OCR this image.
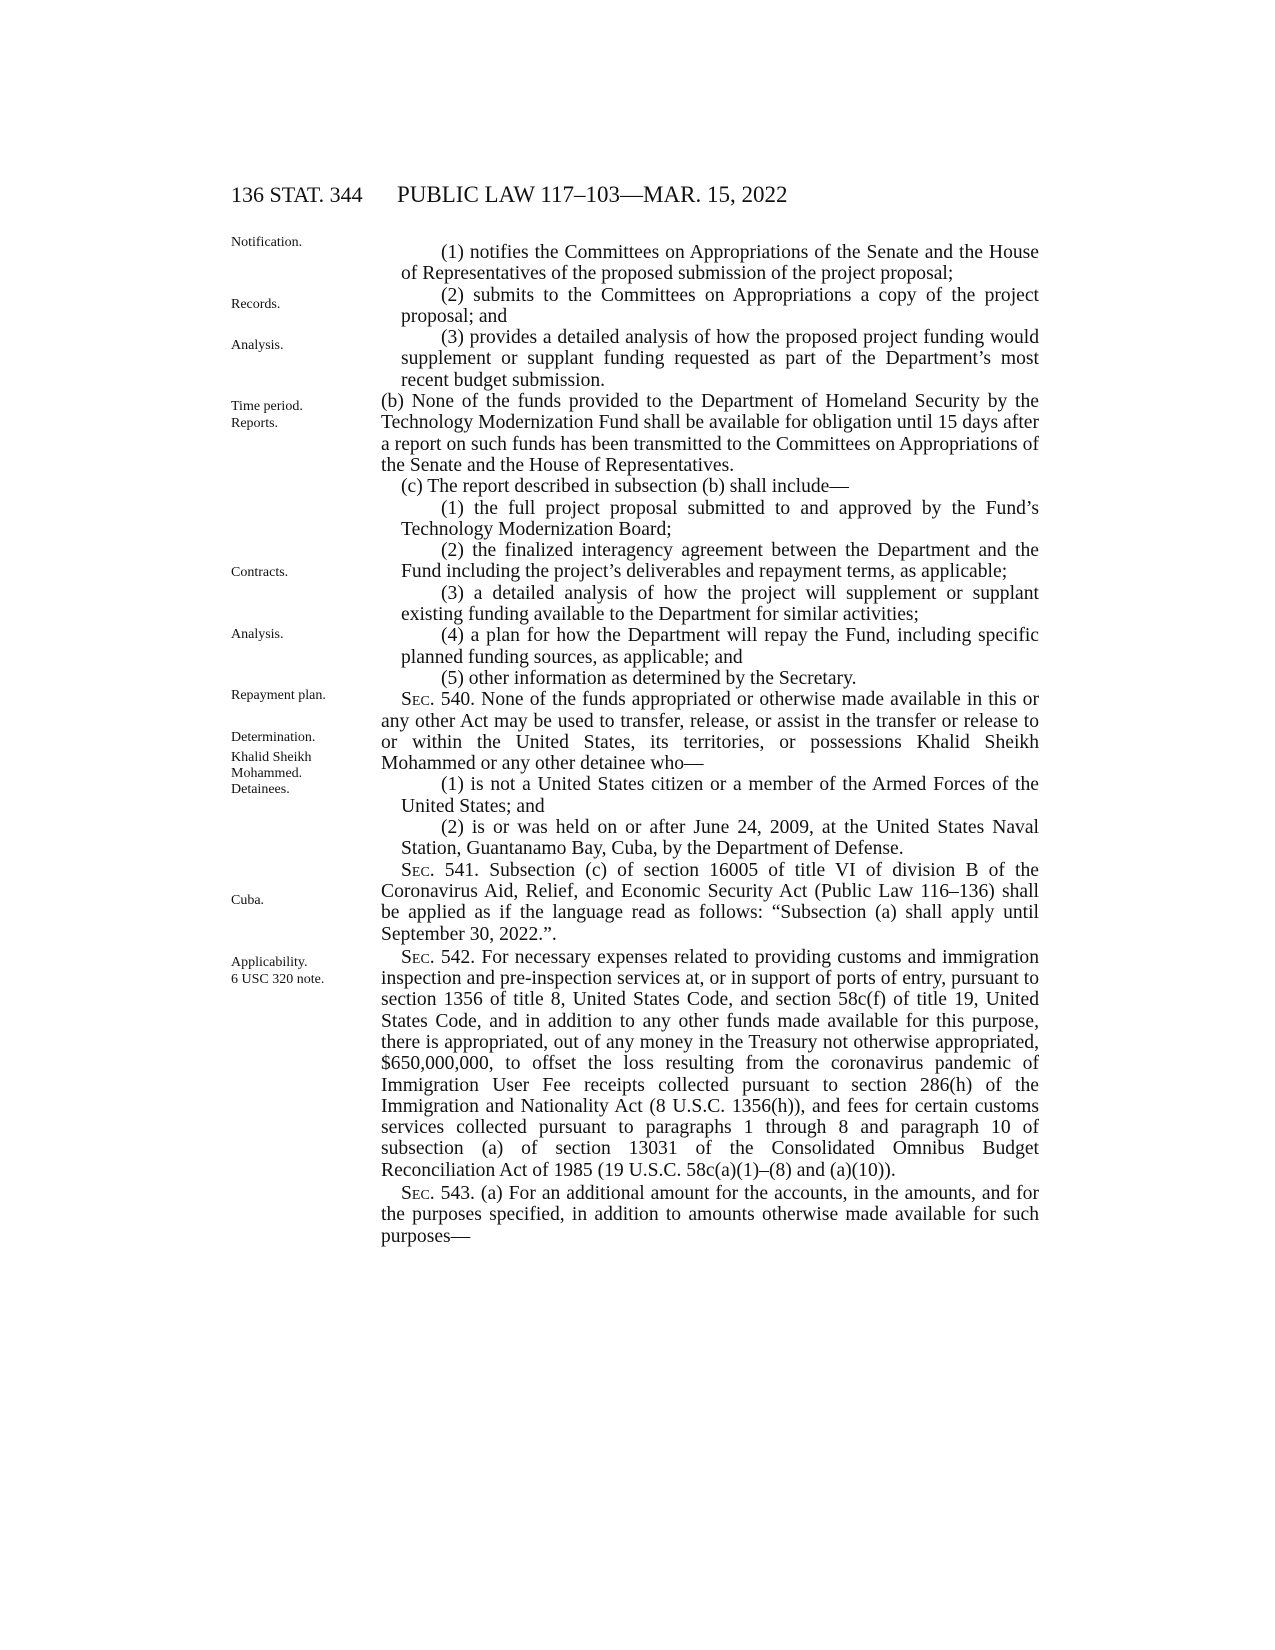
136 STAT. 344 PUBLIC LAW 117–103—MAR. 15, 2022
Notification.
Records.
Analysis.
Time period.
Reports.
Contracts.
Analysis.
Repayment plan.
Determination.
Khalid Sheikh
Mohammed.
Detainees.
Cuba.
Applicability.
6 USC 320 note.
(1) notifies the Committees on Appropriations of the Senate and the House of Representatives of the proposed submission of the project proposal;
(2) submits to the Committees on Appropriations a copy of the project proposal; and
(3) provides a detailed analysis of how the proposed project funding would supplement or supplant funding requested as part of the Department’s most recent budget submission.
(b) None of the funds provided to the Department of Homeland Security by the Technology Modernization Fund shall be available for obligation until 15 days after a report on such funds has been transmitted to the Committees on Appropriations of the Senate and the House of Representatives.
(c) The report described in subsection (b) shall include—
(1) the full project proposal submitted to and approved by the Fund’s Technology Modernization Board;
(2) the finalized interagency agreement between the Department and the Fund including the project’s deliverables and repayment terms, as applicable;
(3) a detailed analysis of how the project will supplement or supplant existing funding available to the Department for similar activities;
(4) a plan for how the Department will repay the Fund, including specific planned funding sources, as applicable; and
(5) other information as determined by the Secretary.
Sec. 540. None of the funds appropriated or otherwise made available in this or any other Act may be used to transfer, release, or assist in the transfer or release to or within the United States, its territories, or possessions Khalid Sheikh Mohammed or any other detainee who—
(1) is not a United States citizen or a member of the Armed Forces of the United States; and
(2) is or was held on or after June 24, 2009, at the United States Naval Station, Guantanamo Bay, Cuba, by the Department of Defense.
Sec. 541. Subsection (c) of section 16005 of title VI of division B of the Coronavirus Aid, Relief, and Economic Security Act (Public Law 116–136) shall be applied as if the language read as follows: “Subsection (a) shall apply until September 30, 2022.”.
Sec. 542. For necessary expenses related to providing customs and immigration inspection and pre-inspection services at, or in support of ports of entry, pursuant to section 1356 of title 8, United States Code, and section 58c(f) of title 19, United States Code, and in addition to any other funds made available for this purpose, there is appropriated, out of any money in the Treasury not otherwise appropriated, $650,000,000, to offset the loss resulting from the coronavirus pandemic of Immigration User Fee receipts collected pursuant to section 286(h) of the Immigration and Nationality Act (8 U.S.C. 1356(h)), and fees for certain customs services collected pursuant to paragraphs 1 through 8 and paragraph 10 of subsection (a) of section 13031 of the Consolidated Omnibus Budget Reconciliation Act of 1985 (19 U.S.C. 58c(a)(1)–(8) and (a)(10)).
Sec. 543. (a) For an additional amount for the accounts, in the amounts, and for the purposes specified, in addition to amounts otherwise made available for such purposes—
